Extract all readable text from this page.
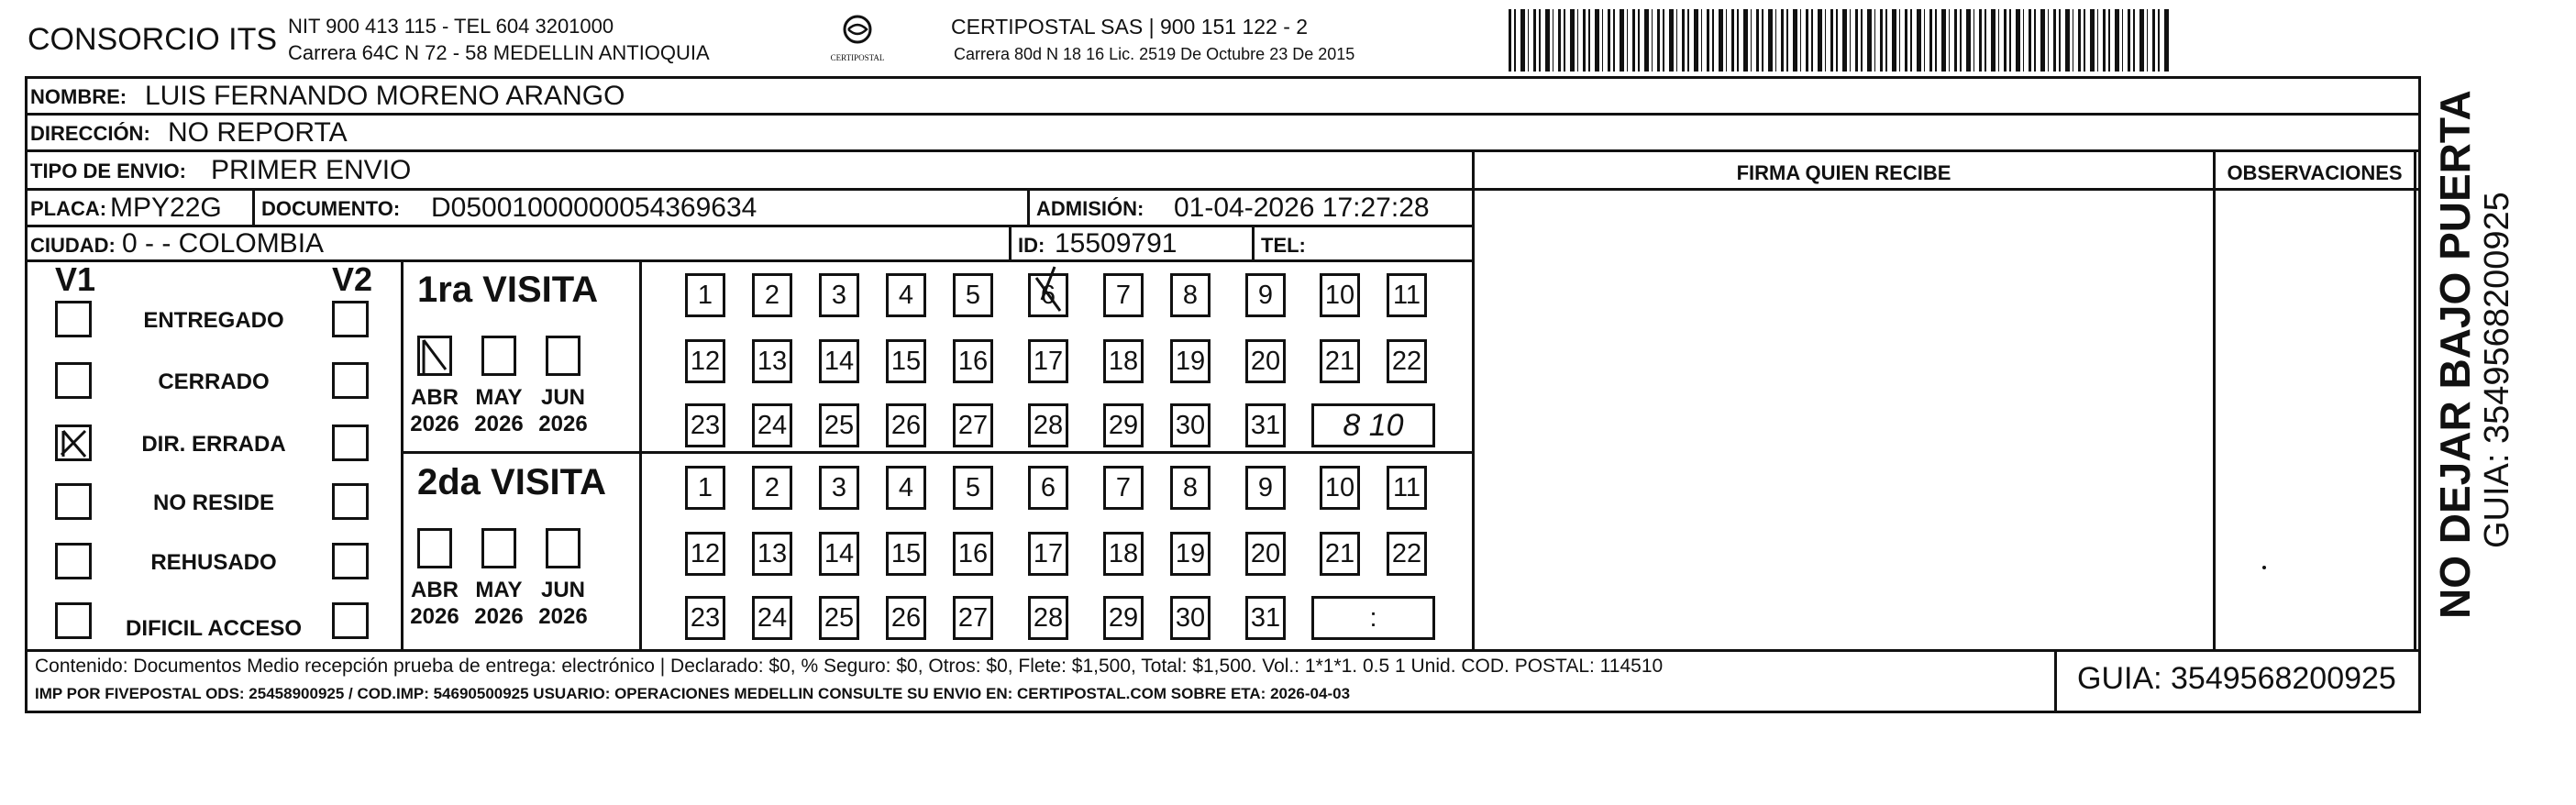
CONSORCIO ITS NIT 900 413 115 - TEL 604 3201000
Carrera 64C N 72 - 58 MEDELLIN ANTIOQUIA	CERTIPOSTAL
CERTIPOSTAL SAS | 900 151 122 - 2
Carrera 80d N 18 16 Lic. 2519 De Octubre 23 De 2015
NOMBRE: LUIS FERNANDO MORENO ARANGO
DIRECCIÓN: NO REPORTA
TIPO DE ENVIO: PRIMER ENVIO
PLACA: MPY22G DOCUMENTO: D05001000000054369634	ADMISIÓN: 01-04-2026 17:27:28
CIUDAD: 0 - - COLOMBIA	ID: 15509791	TEL:
FIRMA QUIEN RECIBE	OBSERVACIONES
V1	V2
ENTREGADO
CERRADO
DIR. ERRADA
NO RESIDE
REHUSADO
DIFICIL ACCESO
1ra VISITA
ABR
2026
MAY
2026
JUN
2026
1	2	3	4	5	6	7	8	9	10 11
12 13 14 15 16 17 18 19 20 21 22
23 24 25 26 27 28 29 30 31	8 10
2da VISITA
ABR
2026
MAY
2026
JUN
2026
1	2	3	4	5	6	7	8	9	10 11
12 13 14 15 16 17 18 19 20 21 22
23 24 25 26 27 28 29 30 31	:
Contenido: Documentos Medio recepción prueba de entrega: electrónico | Declarado: $0, % Seguro: $0, Otros: $0, Flete: $1,500, Total: $1,500. Vol.: 1*1*1. 0.5 1 Unid. COD. POSTAL: 114510
IMP POR FIVEPOSTAL ODS: 25458900925 / COD.IMP: 54690500925 USUARIO: OPERACIONES MEDELLIN CONSULTE SU ENVIO EN: CERTIPOSTAL.COM SOBRE ETA: 2026-04-03	GUIA: 3549568200925
NO DEJAR BAJO PUERTA GUIA: 3549568200925
